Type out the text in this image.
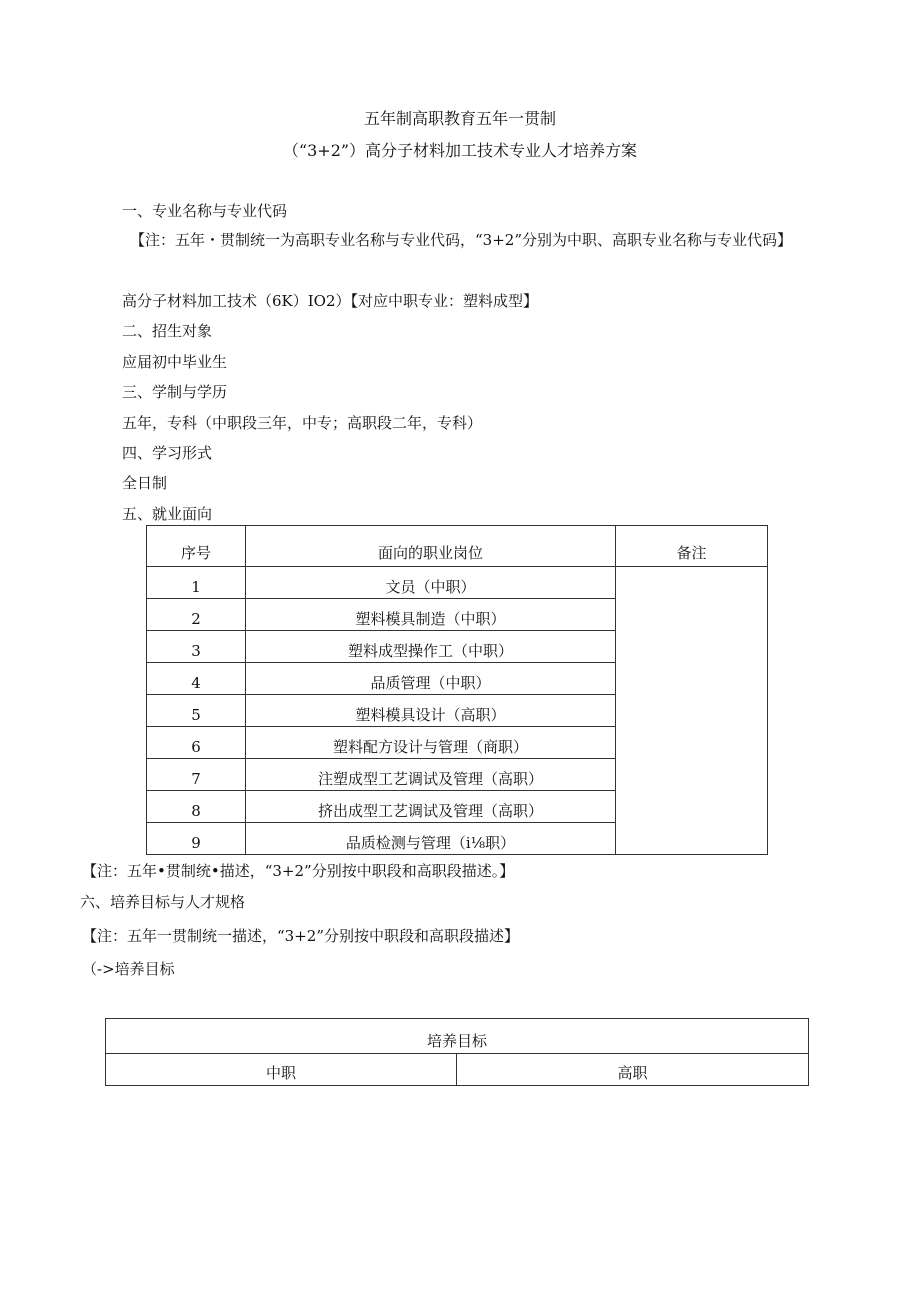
五年制高职教育五年一贯制
（“3+2”）高分子材料加工技术专业人才培养方案
一、专业名称与专业代码
【注：五年・贯制统一为高职专业名称与专业代码，“3+2”分别为中职、高职专业名称与专业代码】
高分子材料加工技术（6K）IO2）【对应中职专业：塑料成型】
二、招生对象
应届初中毕业生
三、学制与学历
五年，专科（中职段三年，中专；高职段二年，专科）
四、学习形式
全日制
五、就业面向
序号	面向的职业岗位	备注
1	文员（中职）	
2	塑料模具制造（中职）	
3	塑料成型操作工（中职）	
4	品质管理（中职）	
5	塑料模具设计（高职）	
6	塑料配方设计与管理（商职）	
7	注塑成型工艺调试及管理（高职）	
8	挤出成型工艺调试及管理（高职）	
9	品质检测与管理（i⅛职）	
【注：五年•贯制统•描述，“3+2”分别按中职段和高职段描述。】
六、培养目标与人才规格
【注：五年一贯制统一描述，“3+2”分别按中职段和高职段描述】
（->培养目标
培养目标
中职	高职
